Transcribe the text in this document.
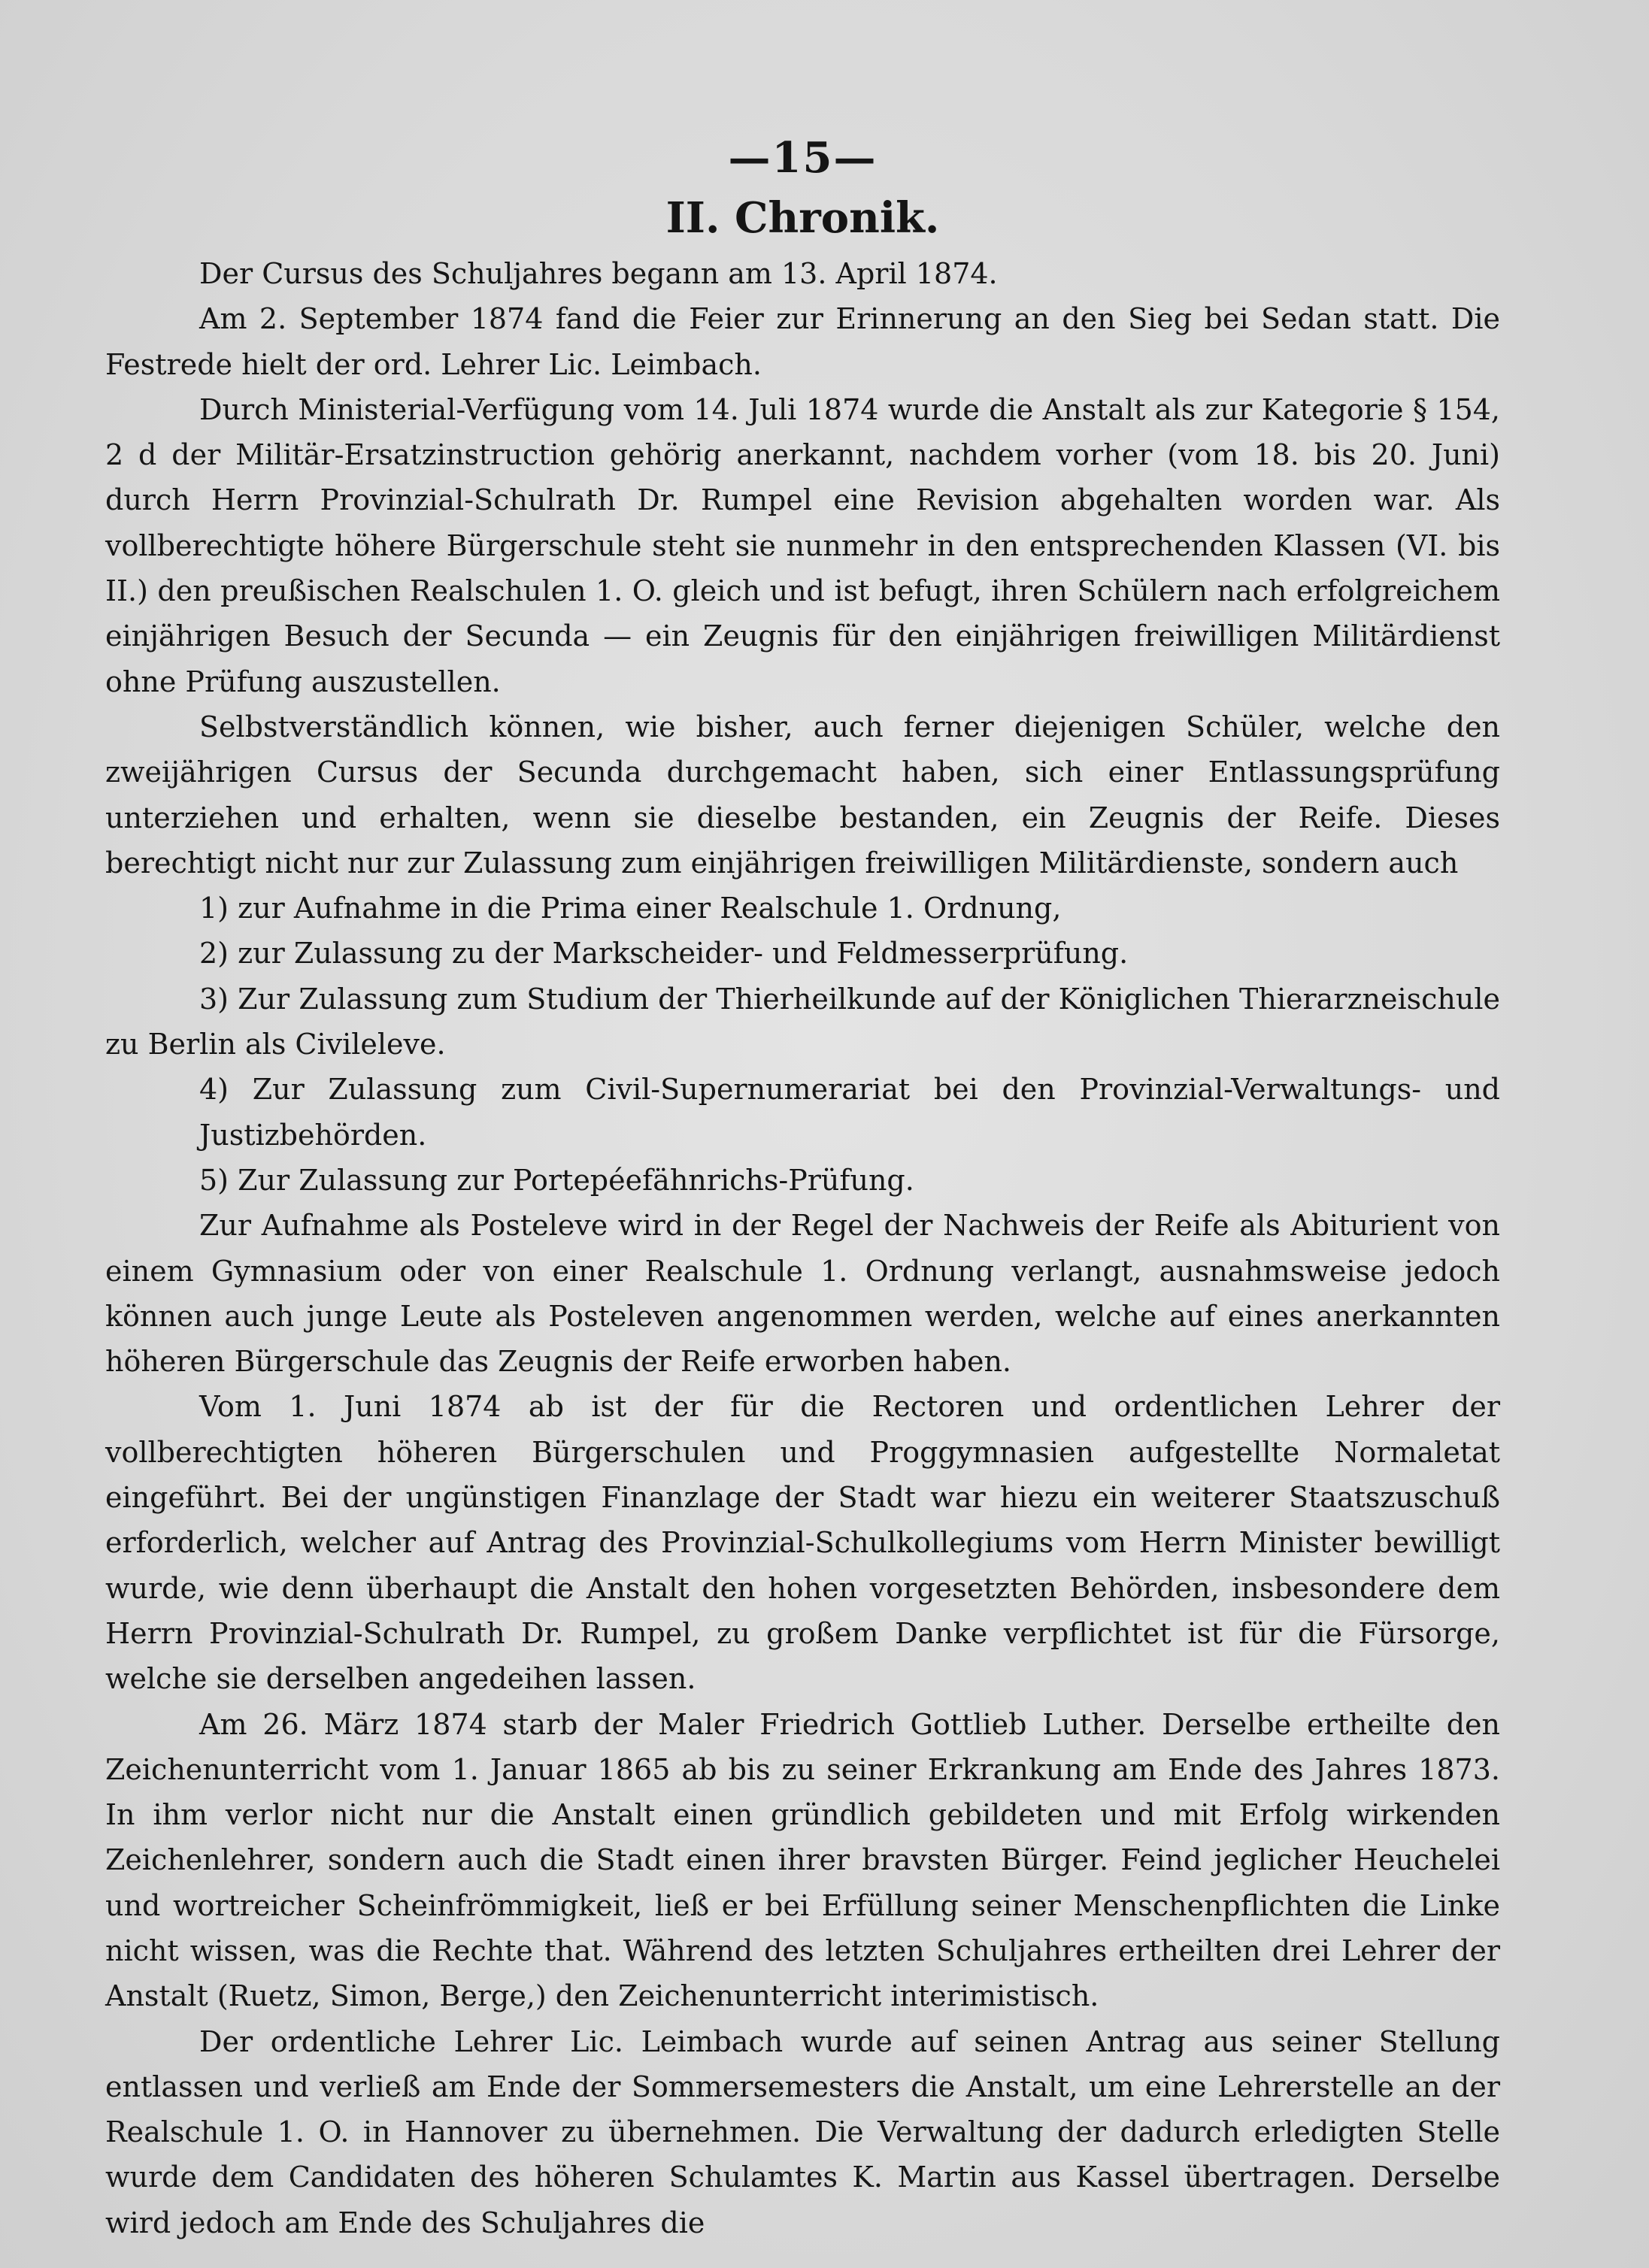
—15—
II. Chronik.

Der Cursus des Schuljahres begann am 13. April 1874.

Am 2. September 1874 fand die Feier zur Erinnerung an den Sieg bei Sedan statt. Die Festrede hielt der ord. Lehrer Lic. Leimbach.

Durch Ministerial-Verfügung vom 14. Juli 1874 wurde die Anstalt als zur Kategorie § 154, 2 d der Militär-Ersatzinstruction gehörig anerkannt, nachdem vorher (vom 18. bis 20. Juni) durch Herrn Provinzial-Schulrath Dr. Rumpel eine Revision abgehalten worden war. Als vollberechtigte höhere Bürgerschule steht sie nunmehr in den entsprechenden Klassen (VI. bis II.) den preußischen Realschulen 1. O. gleich und ist befugt, ihren Schülern nach erfolgreichem einjährigen Besuch der Secunda — ein Zeugnis für den einjährigen freiwilligen Militärdienst ohne Prüfung auszustellen.

Selbstverständlich können, wie bisher, auch ferner diejenigen Schüler, welche den zweijährigen Cursus der Secunda durchgemacht haben, sich einer Entlassungsprüfung unterziehen und erhalten, wenn sie dieselbe bestanden, ein Zeugnis der Reife. Dieses berechtigt nicht nur zur Zulassung zum einjährigen freiwilligen Militärdienste, sondern auch

1) zur Aufnahme in die Prima einer Realschule 1. Ordnung,

2) zur Zulassung zu der Markscheider- und Feldmesserprüfung.

3) Zur Zulassung zum Studium der Thierheilkunde auf der Königlichen Thierarzneischule zu Berlin als Civileleve.

4) Zur Zulassung zum Civil-Supernumerariat bei den Provinzial-Verwaltungs- und Justizbehörden.

5) Zur Zulassung zur Portepéefähnrichs-Prüfung.

Zur Aufnahme als Posteleve wird in der Regel der Nachweis der Reife als Abiturient von einem Gymnasium oder von einer Realschule 1. Ordnung verlangt, ausnahmsweise jedoch können auch junge Leute als Posteleven angenommen werden, welche auf eines anerkannten höheren Bürgerschule das Zeugnis der Reife erworben haben.

Vom 1. Juni 1874 ab ist der für die Rectoren und ordentlichen Lehrer der vollberechtigten höheren Bürgerschulen und Proggymnasien aufgestellte Normaletat eingeführt. Bei der ungünstigen Finanzlage der Stadt war hiezu ein weiterer Staatszuschuß erforderlich, welcher auf Antrag des Provinzial-Schulkollegiums vom Herrn Minister bewilligt wurde, wie denn überhaupt die Anstalt den hohen vorgesetzten Behörden, insbesondere dem Herrn Provinzial-Schulrath Dr. Rumpel, zu großem Danke verpflichtet ist für die Fürsorge, welche sie derselben angedeihen lassen.

Am 26. März 1874 starb der Maler Friedrich Gottlieb Luther. Derselbe ertheilte den Zeichenunterricht vom 1. Januar 1865 ab bis zu seiner Erkrankung am Ende des Jahres 1873. In ihm verlor nicht nur die Anstalt einen gründlich gebildeten und mit Erfolg wirkenden Zeichenlehrer, sondern auch die Stadt einen ihrer bravsten Bürger. Feind jeglicher Heuchelei und wortreicher Scheinfrömmigkeit, ließ er bei Erfüllung seiner Menschenpflichten die Linke nicht wissen, was die Rechte that. Während des letzten Schuljahres ertheilten drei Lehrer der Anstalt (Ruetz, Simon, Berge,) den Zeichenunterricht interimistisch.

Der ordentliche Lehrer Lic. Leimbach wurde auf seinen Antrag aus seiner Stellung entlassen und verließ am Ende der Sommersemesters die Anstalt, um eine Lehrerstelle an der Realschule 1. O. in Hannover zu übernehmen. Die Verwaltung der dadurch erledigten Stelle wurde dem Candidaten des höheren Schulamtes K. Martin aus Kassel übertragen. Derselbe wird jedoch am Ende des Schuljahres die
